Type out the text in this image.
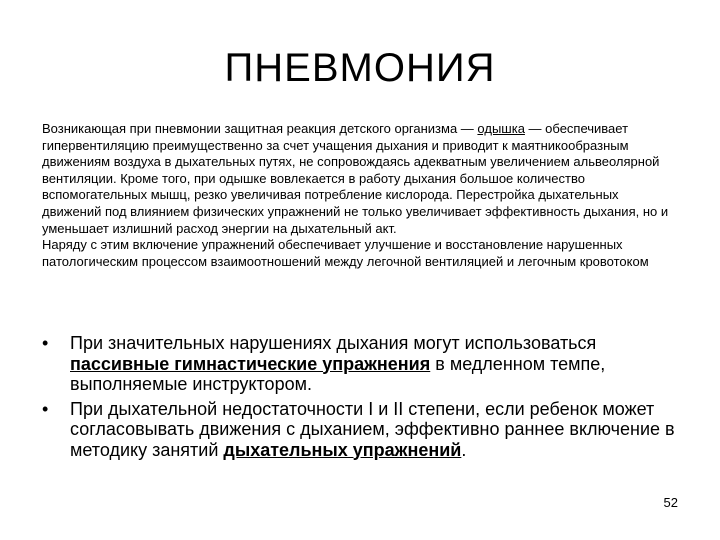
ПНЕВМОНИЯ

Возникающая при пневмонии защитная реакция детского организма — одышка — обеспечивает гипервентиляцию преимущественно за счет учащения дыхания и приводит к маятникообразным движениям воздуха в дыхательных путях, не сопровождаясь адекватным увеличением альвеолярной вентиляции. Кроме того, при одышке вовлекается в работу дыхания большое количество вспомогательных мышц, резко увеличивая потребление кислорода. Перестройка дыхательных движений под влиянием физических упражнений не только увеличивает эффективность дыхания, но и уменьшает излишний расход энергии на дыхательный акт.

Наряду с этим включение упражнений обеспечивает улучшение и восстановление нарушенных патологическим процессом взаимоотношений между легочной вентиляцией и легочным кровотоком

•	При значительных нарушениях дыхания могут использоваться пассивные гимнастические упражнения в медленном темпе, выполняемые инструктором.
•	При дыхательной недостаточности I и II степени, если ребенок может согласовывать движения с дыханием, эффективно раннее включение в методику занятий дыхательных упражнений.
52
